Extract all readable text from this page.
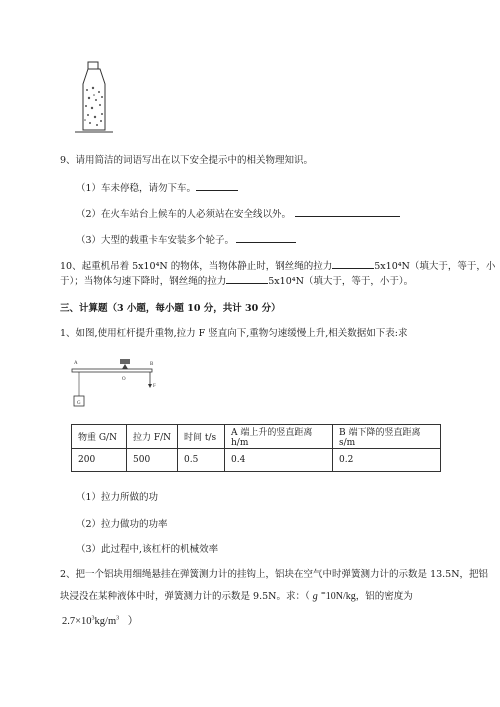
9、请用简洁的词语写出在以下安全提示中的相关物理知识。
（1）车未停稳，请勿下车。
（2）在火车站台上候车的人必须站在安全线以外。
（3）大型的载重卡车安装多个轮子。
10、起重机吊着 5x10⁴N 的物体，当物体静止时，钢丝绳的拉力	5x10⁴N（填大于，等于，小
于）；当物体匀速下降时，钢丝绳的拉力	5x10⁴N（填大于，等于，小于）。
三、计算题（3 小题，每小题 10 分，共计 30 分）
1、如图,使用杠杆提升重物,拉力 F 竖直向下,重物匀速缓慢上升,相关数据如下表:求
A
O
B
F
G
物重 G/N	拉力 F/N	时间 t/s	A 端上升的竖直距离 h/m	B 端下降的竖直距离 s/m
200	500	0.5	0.4	0.2
（1）拉力所做的功
（2）拉力做功的功率
（3）此过程中,该杠杆的机械效率
2、把一个铝块用细绳悬挂在弹簧测力计的挂钩上，铝块在空气中时弹簧测力计的示数是 13.5N，把铝
块浸没在某种液体中时，弹簧测力计的示数是 9.5N。求：（ g =10N/kg，铝的密度为
$2.7\times 10^3kg/m^3$ ）
